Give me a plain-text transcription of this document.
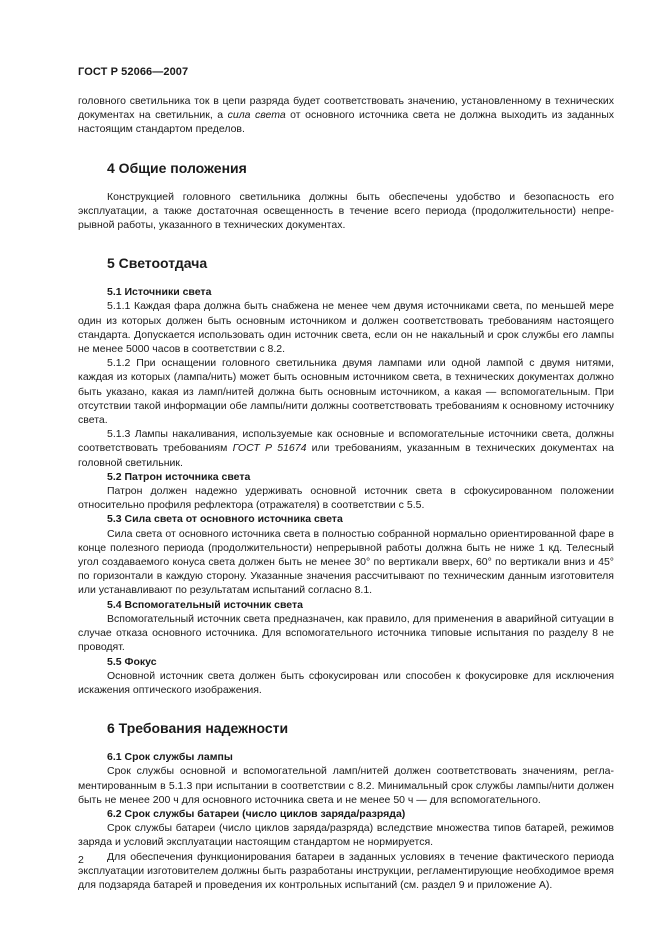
ГОСТ Р 52066—2007

головного светильника ток в цепи разряда будет соответствовать значению, установленному в технических документах на светильник, а сила света от основного источника света не должна выходить из заданных настоящим стандартом пределов.

4 Общие положения

Конструкцией головного светильника должны быть обеспечены удобство и безопасность его эксплуатации, а также достаточная освещенность в течение всего периода (продолжительности) непрерывной работы, указанного в технических документах.

5 Светоотдача
5.1 Источники света

5.1.1 Каждая фара должна быть снабжена не менее чем двумя источниками света, по меньшей мере один из которых должен быть основным источником и должен соответствовать требованиям настоящего стандарта. Допускается использовать один источник света, если он не накальный и срок службы его лампы не менее 5000 часов в соответствии с 8.2.

5.1.2 При оснащении головного светильника двумя лампами или одной лампой с двумя нитями, каждая из которых (лампа/нить) может быть основным источником света, в технических документах должно быть указано, какая из ламп/нитей должна быть основным источником, а какая — вспомогательным. При отсутствии такой информации обе лампы/нити должны соответствовать требованиям к основному источнику света.

5.1.3 Лампы накаливания, используемые как основные и вспомогательные источники света, должны соответствовать требованиям ГОСТ Р 51674 или требованиям, указанным в технических документах на головной светильник.

5.2 Патрон источника света

Патрон должен надежно удерживать основной источник света в сфокусированном положении относительно профиля рефлектора (отражателя) в соответствии с 5.5.

5.3 Сила света от основного источника света

Сила света от основного источника света в полностью собранной нормально ориентированной фаре в конце полезного периода (продолжительности) непрерывной работы должна быть не ниже 1 кд. Телесный угол создаваемого конуса света должен быть не менее 30° по вертикали вверх, 60° по вертикали вниз и 45° по горизонтали в каждую сторону. Указанные значения рассчитывают по техническим данным изготовителя или устанавливают по результатам испытаний согласно 8.1.

5.4 Вспомогательный источник света

Вспомогательный источник света предназначен, как правило, для применения в аварийной ситуации в случае отказа основного источника. Для вспомогательного источника типовые испытания по разделу 8 не проводят.

5.5 Фокус

Основной источник света должен быть сфокусирован или способен к фокусировке для исключения искажения оптического изображения.

6 Требования надежности
6.1 Срок службы лампы

Срок службы основной и вспомогательной ламп/нитей должен соответствовать значениям, регламентированным в 5.1.3 при испытании в соответствии с 8.2. Минимальный срок службы лампы/нити должен быть не менее 200 ч для основного источника света и не менее 50 ч — для вспомогательного.

6.2 Срок службы батареи (число циклов заряда/разряда)

Срок службы батареи (число циклов заряда/разряда) вследствие множества типов батарей, режимов заряда и условий эксплуатации настоящим стандартом не нормируется.

Для обеспечения функционирования батареи в заданных условиях в течение фактического периода эксплуатации изготовителем должны быть разработаны инструкции, регламентирующие необходимое время для подзаряда батарей и проведения их контрольных испытаний (см. раздел 9 и приложение А).

2
